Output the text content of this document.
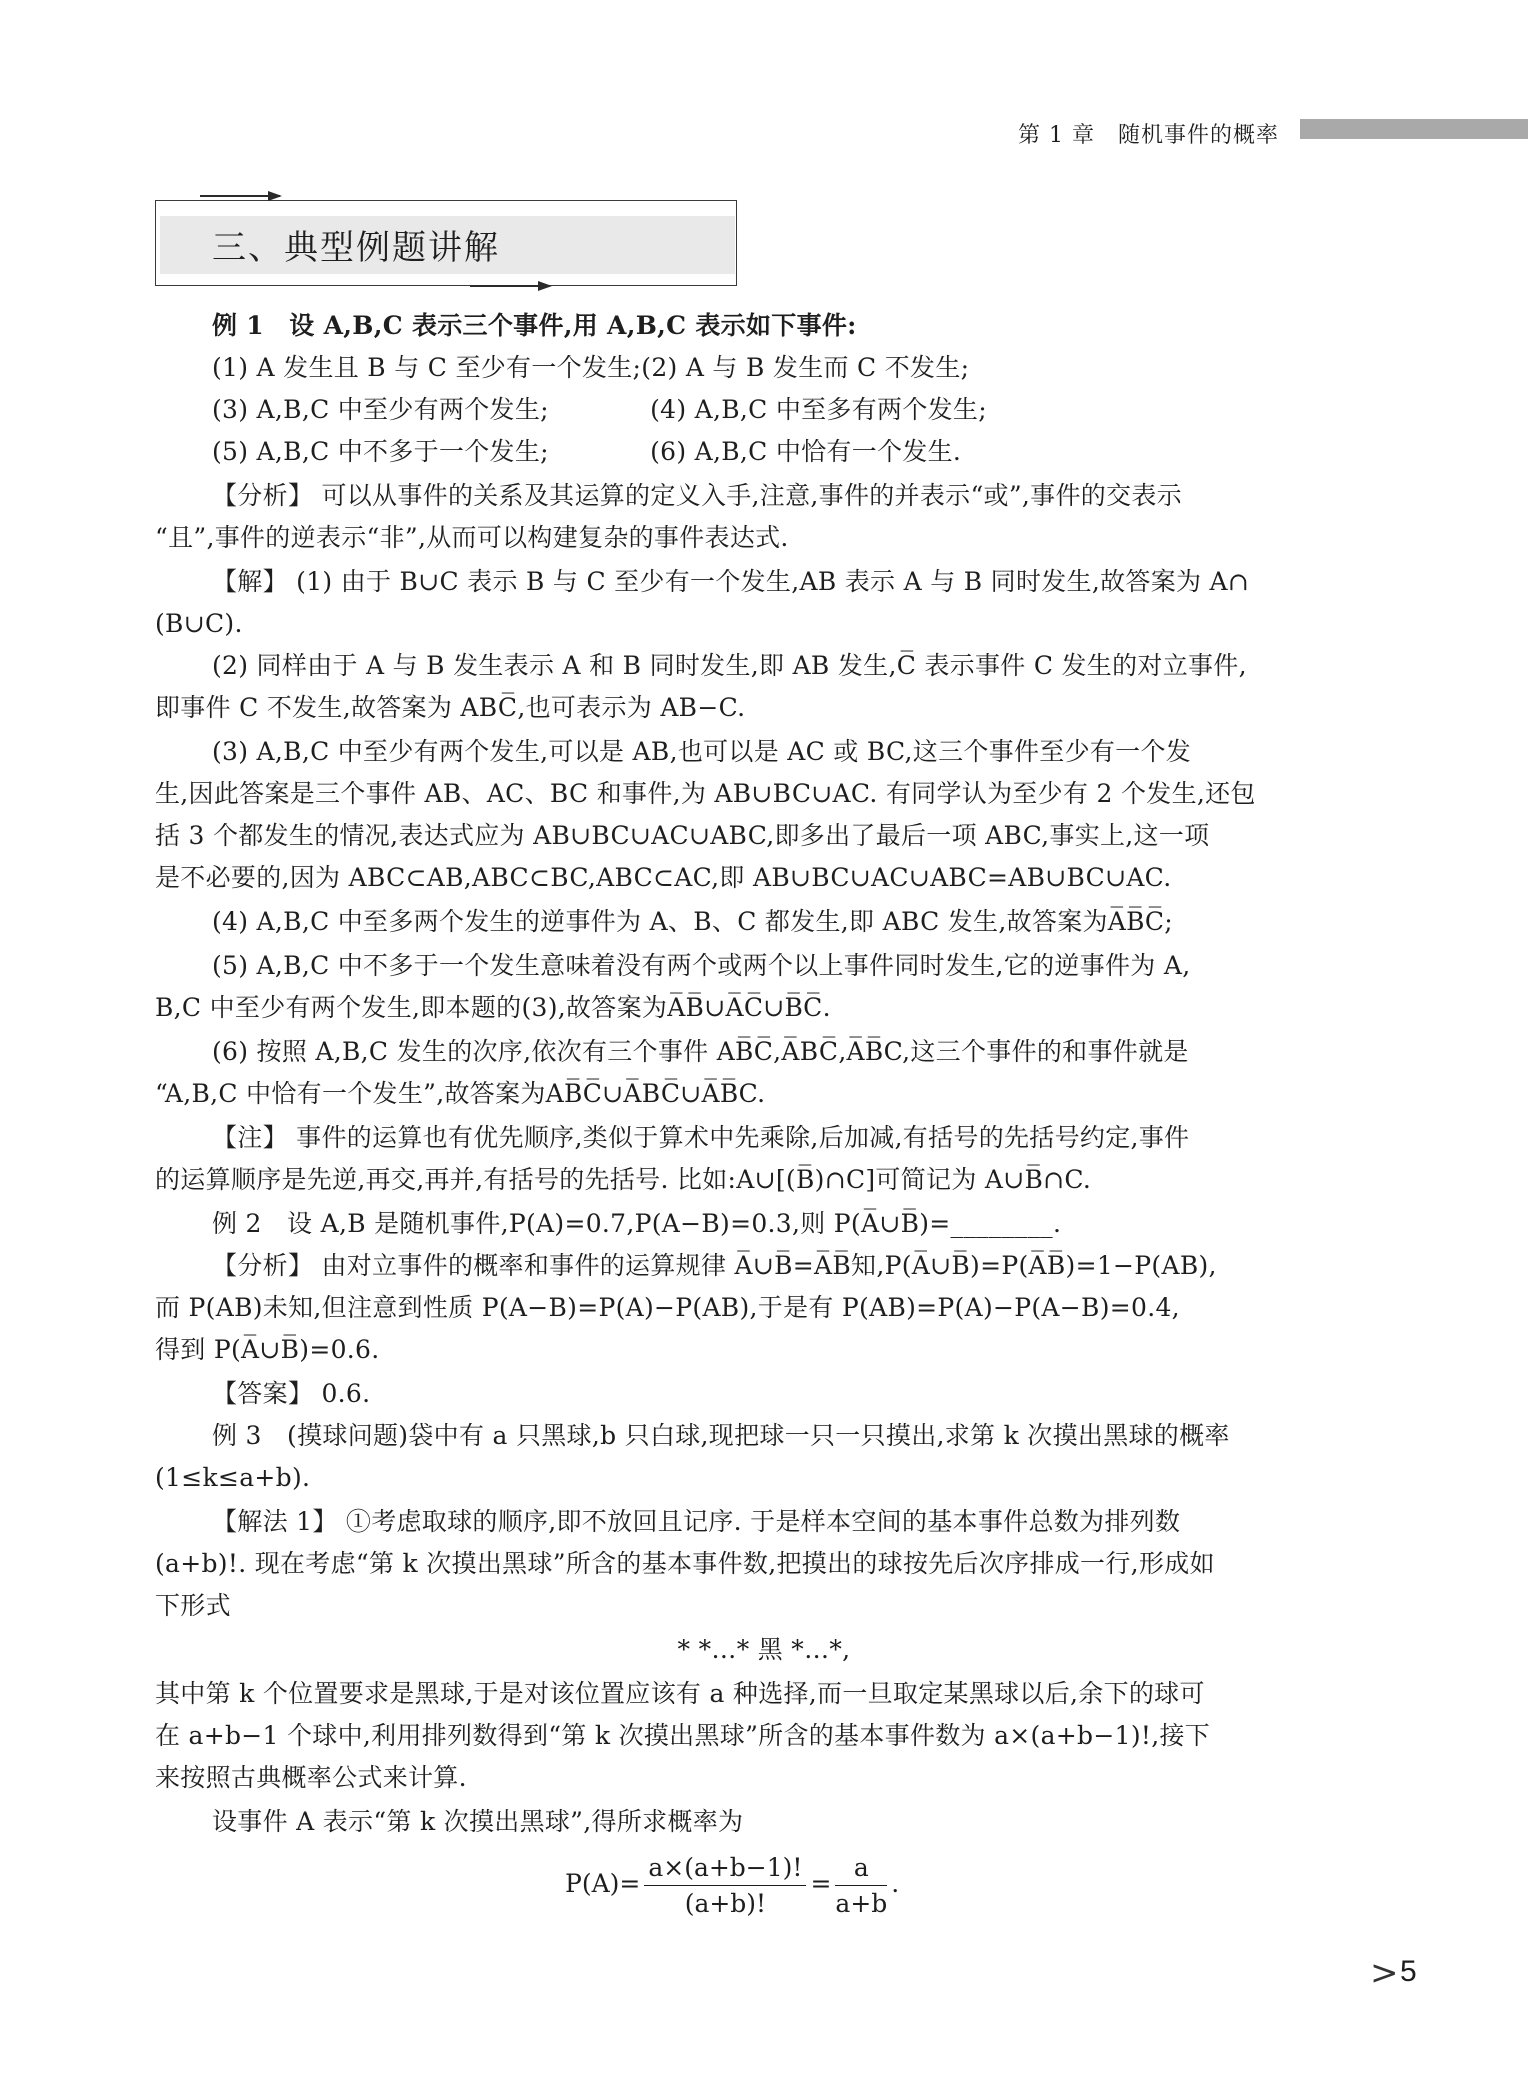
第 1 章　随机事件的概率
三、典型例题讲解
例 1　设 A,B,C 表示三个事件,用 A,B,C 表示如下事件:
(1) A 发生且 B 与 C 至少有一个发生;(2) A 与 B 发生而 C 不发生;
(3) A,B,C 中至少有两个发生;　　　　(4) A,B,C 中至多有两个发生;
(5) A,B,C 中不多于一个发生;　　　　(6) A,B,C 中恰有一个发生.
【分析】 可以从事件的关系及其运算的定义入手,注意,事件的并表示“或”,事件的交表示
“且”,事件的逆表示“非”,从而可以构建复杂的事件表达式.
【解】 (1) 由于 B∪C 表示 B 与 C 至少有一个发生,AB 表示 A 与 B 同时发生,故答案为 A∩
(B∪C).
(2) 同样由于 A 与 B 发生表示 A 和 B 同时发生,即 AB 发生,C̅ 表示事件 C 发生的对立事件,
即事件 C 不发生,故答案为 ABC̅,也可表示为 AB−C.
(3) A,B,C 中至少有两个发生,可以是 AB,也可以是 AC 或 BC,这三个事件至少有一个发
生,因此答案是三个事件 AB、AC、BC 和事件,为 AB∪BC∪AC. 有同学认为至少有 2 个发生,还包
括 3 个都发生的情况,表达式应为 AB∪BC∪AC∪ABC,即多出了最后一项 ABC,事实上,这一项
是不必要的,因为 ABC⊂AB,ABC⊂BC,ABC⊂AC,即 AB∪BC∪AC∪ABC=AB∪BC∪AC.
(4) A,B,C 中至多两个发生的逆事件为 A、B、C 都发生,即 ABC 发生,故答案为A̅B̅C̅;
(5) A,B,C 中不多于一个发生意味着没有两个或两个以上事件同时发生,它的逆事件为 A,
B,C 中至少有两个发生,即本题的(3),故答案为A̅B̅∪A̅C̅∪B̅C̅.
(6) 按照 A,B,C 发生的次序,依次有三个事件 AB̅C̅,A̅BC̅,A̅B̅C,这三个事件的和事件就是
“A,B,C 中恰有一个发生”,故答案为AB̅C̅∪A̅BC̅∪A̅B̅C.
【注】 事件的运算也有优先顺序,类似于算术中先乘除,后加减,有括号的先括号约定,事件
的运算顺序是先逆,再交,再并,有括号的先括号. 比如:A∪[(B̅)∩C]可简记为 A∪B̅∩C.
例 2　设 A,B 是随机事件,P(A)=0.7,P(A−B)=0.3,则 P(A̅∪B̅)=________.
【分析】 由对立事件的概率和事件的运算规律 A̅∪B̅=A̅B̅知,P(A̅∪B̅)=P(A̅B̅)=1−P(AB),
而 P(AB)未知,但注意到性质 P(A−B)=P(A)−P(AB),于是有 P(AB)=P(A)−P(A−B)=0.4,
得到 P(A̅∪B̅)=0.6.
【答案】 0.6.
例 3　(摸球问题)袋中有 a 只黑球,b 只白球,现把球一只一只摸出,求第 k 次摸出黑球的概率
(1≤k≤a+b).
【解法 1】 ①考虑取球的顺序,即不放回且记序. 于是样本空间的基本事件总数为排列数
(a+b)!. 现在考虑“第 k 次摸出黑球”所含的基本事件数,把摸出的球按先后次序排成一行,形成如
下形式
* *…* 黑 *…*,
其中第 k 个位置要求是黑球,于是对该位置应该有 a 种选择,而一旦取定某黑球以后,余下的球可
在 a+b−1 个球中,利用排列数得到“第 k 次摸出黑球”所含的基本事件数为 a×(a+b−1)!,接下
来按照古典概率公式来计算.
设事件 A 表示“第 k 次摸出黑球”,得所求概率为
$P(A)= \frac{a\times(a+b-1)!}{(a+b)!} = \frac{a}{a+b}$ .
> 5
